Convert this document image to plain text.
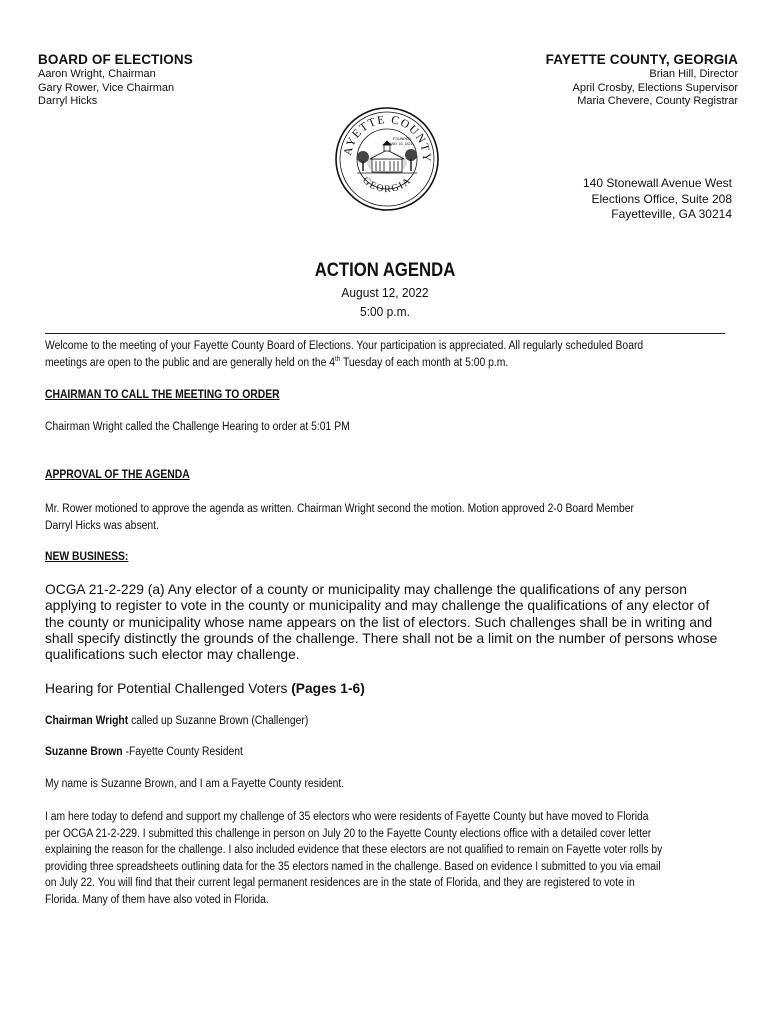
BOARD OF ELECTIONS
Aaron Wright, Chairman
Gary Rower, Vice Chairman
Darryl Hicks
FAYETTE COUNTY, GEORGIA
Brian Hill, Director
April Crosby, Elections Supervisor
Maria Chevere, County Registrar
AYETTE COUNTY
GEORGIA
FOUNDED
MAY 15, 1821
140 Stonewall Avenue West
Elections Office, Suite 208
Fayetteville, GA 30214
ACTION AGENDA
August 12, 2022
5:00 p.m.
Welcome to the meeting of your Fayette County Board of Elections. Your participation is appreciated. All regularly scheduled Board
meetings are open to the public and are generally held on the 4th Tuesday of each month at 5:00 p.m.
CHAIRMAN TO CALL THE MEETING TO ORDER
Chairman Wright called the Challenge Hearing to order at 5:01 PM
APPROVAL OF THE AGENDA
Mr. Rower motioned to approve the agenda as written. Chairman Wright second the motion. Motion approved 2-0 Board Member
Darryl Hicks was absent.
NEW BUSINESS:
OCGA 21-2-229 (a) Any elector of a county or municipality may challenge the qualifications of any person
applying to register to vote in the county or municipality and may challenge the qualifications of any elector of
the county or municipality whose name appears on the list of electors. Such challenges shall be in writing and
shall specify distinctly the grounds of the challenge. There shall not be a limit on the number of persons whose
qualifications such elector may challenge.
Hearing for Potential Challenged Voters (Pages 1-6)
Chairman Wright called up Suzanne Brown (Challenger)
Suzanne Brown -Fayette County Resident
My name is Suzanne Brown, and I am a Fayette County resident.
I am here today to defend and support my challenge of 35 electors who were residents of Fayette County but have moved to Florida
per OCGA 21-2-229. I submitted this challenge in person on July 20 to the Fayette County elections office with a detailed cover letter
explaining the reason for the challenge. I also included evidence that these electors are not qualified to remain on Fayette voter rolls by
providing three spreadsheets outlining data for the 35 electors named in the challenge. Based on evidence I submitted to you via email
on July 22. You will find that their current legal permanent residences are in the state of Florida, and they are registered to vote in
Florida. Many of them have also voted in Florida.
